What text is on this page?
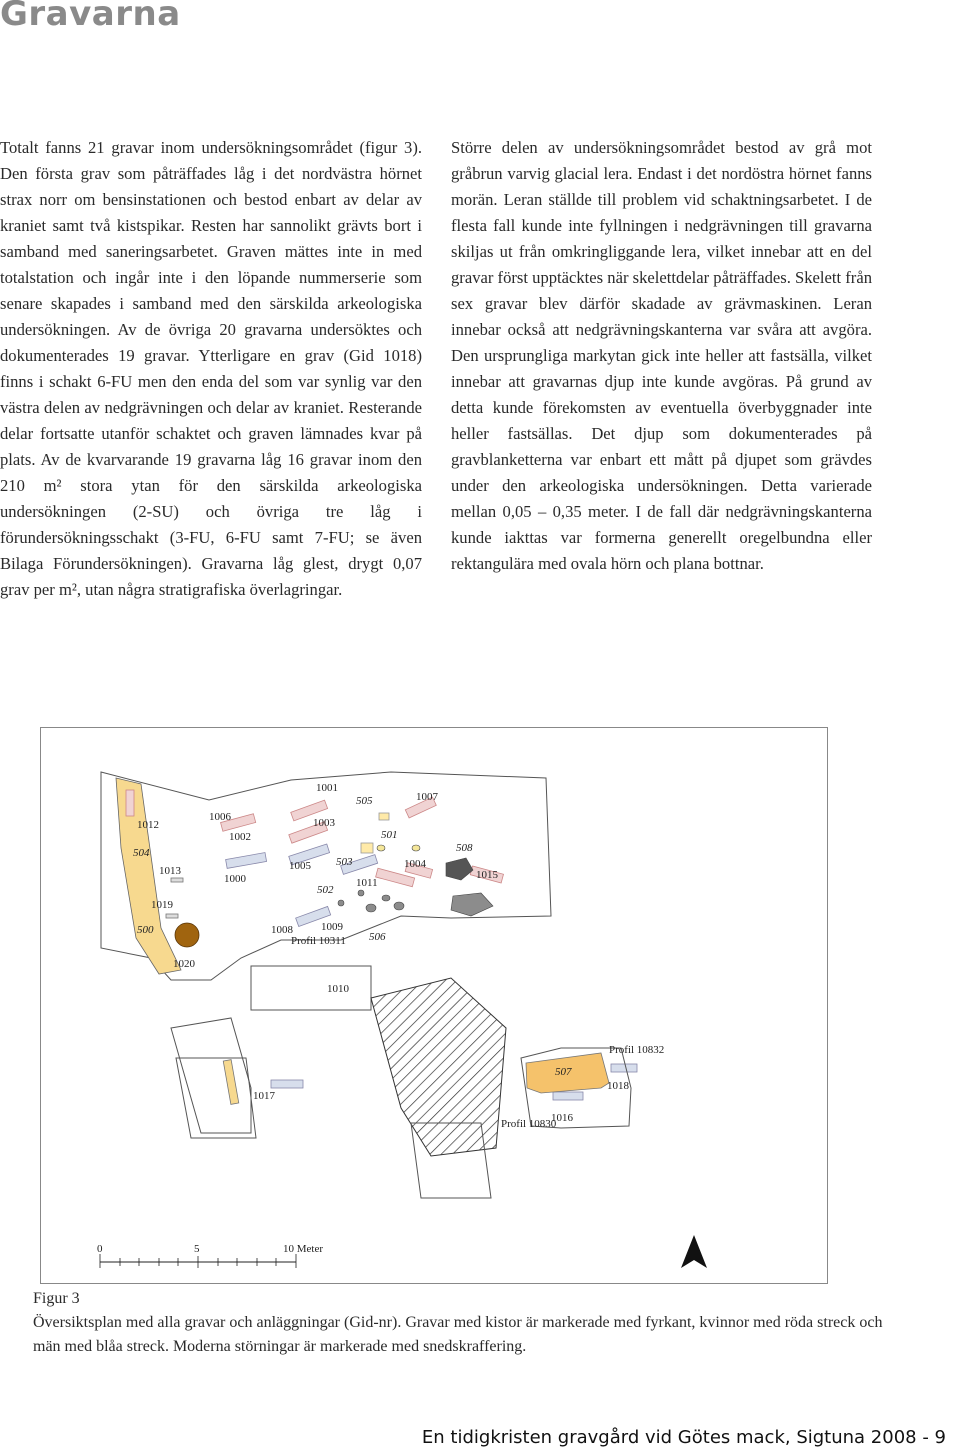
Gravarna

Totalt fanns 21 gravar inom undersökningsområdet (figur 3). Den första grav som påträffades låg i det nordvästra hörnet strax norr om bensinstationen och bestod enbart av delar av kraniet samt två kistspikar. Resten har sannolikt grävts bort i samband med saneringsarbetet. Graven mättes inte in med totalstation och ingår inte i den löpande nummerserie som senare skapades i samband med den särskilda arkeologiska undersökningen. Av de övriga 20 gravarna undersöktes och dokumenterades 19 gravar. Ytterligare en grav (Gid 1018) finns i schakt 6-FU men den enda del som var synlig var den västra delen av nedgrävningen och delar av kraniet. Resterande delar fortsatte utanför schaktet och graven lämnades kvar på plats. Av de kvarvarande 19 gravarna låg 16 gravar inom den 210 m² stora ytan för den särskilda arkeologiska undersökningen (2-SU) och övriga tre låg i förundersökningsschakt (3-FU, 6-FU samt 7-FU; se även Bilaga Förundersökningen). Gravarna låg glest, drygt 0,07 grav per m², utan några stratigrafiska överlagringar.

Större delen av undersökningsområdet bestod av grå mot gråbrun varvig glacial lera. Endast i det nordöstra hörnet fanns morän. Leran ställde till problem vid schaktningsarbetet. I de flesta fall kunde inte fyllningen i nedgrävningen till gravarna skiljas ut från omkringliggande lera, vilket innebar att en del gravar först upptäcktes när skelettdelar påträffades. Skelett från sex gravar blev därför skadade av grävmaskinen. Leran innebar också att nedgrävningskanterna var svåra att avgöra. Den ursprungliga markytan gick inte heller att fastsälla, vilket innebar att gravarnas djup inte kunde avgöras. På grund av detta kunde förekomsten av eventuella överbyggnader inte heller fastsällas. Det djup som dokumenterades på gravblanketterna var enbart ett mått på djupet som grävdes under den arkeologiska undersökningen. Detta varierade mellan 0,05 – 0,35 meter. I de fall där nedgrävningskanterna kunde iakttas var formerna generellt oregelbundna eller rektangulära med ovala hörn och plana bottnar.

1001
505	1007
1006
1012	1003
1002	501
504	508
503	1004
1005
1013
1011
1015
1000
502
1019
1009
500	1008
506
Profil 10311
1020
1010
Profil 10832
507
1018
1017
1016
Profil 10830
0	5	10 Meter

Figur 3

Översiktsplan med alla gravar och anläggningar (Gid-nr). Gravar med kistor är markerade med fyrkant, kvinnor med röda streck och män med blåa streck. Moderna störningar är markerade med snedskraffering.

En tidigkristen gravgård vid Götes mack, Sigtuna 2008 - 9
